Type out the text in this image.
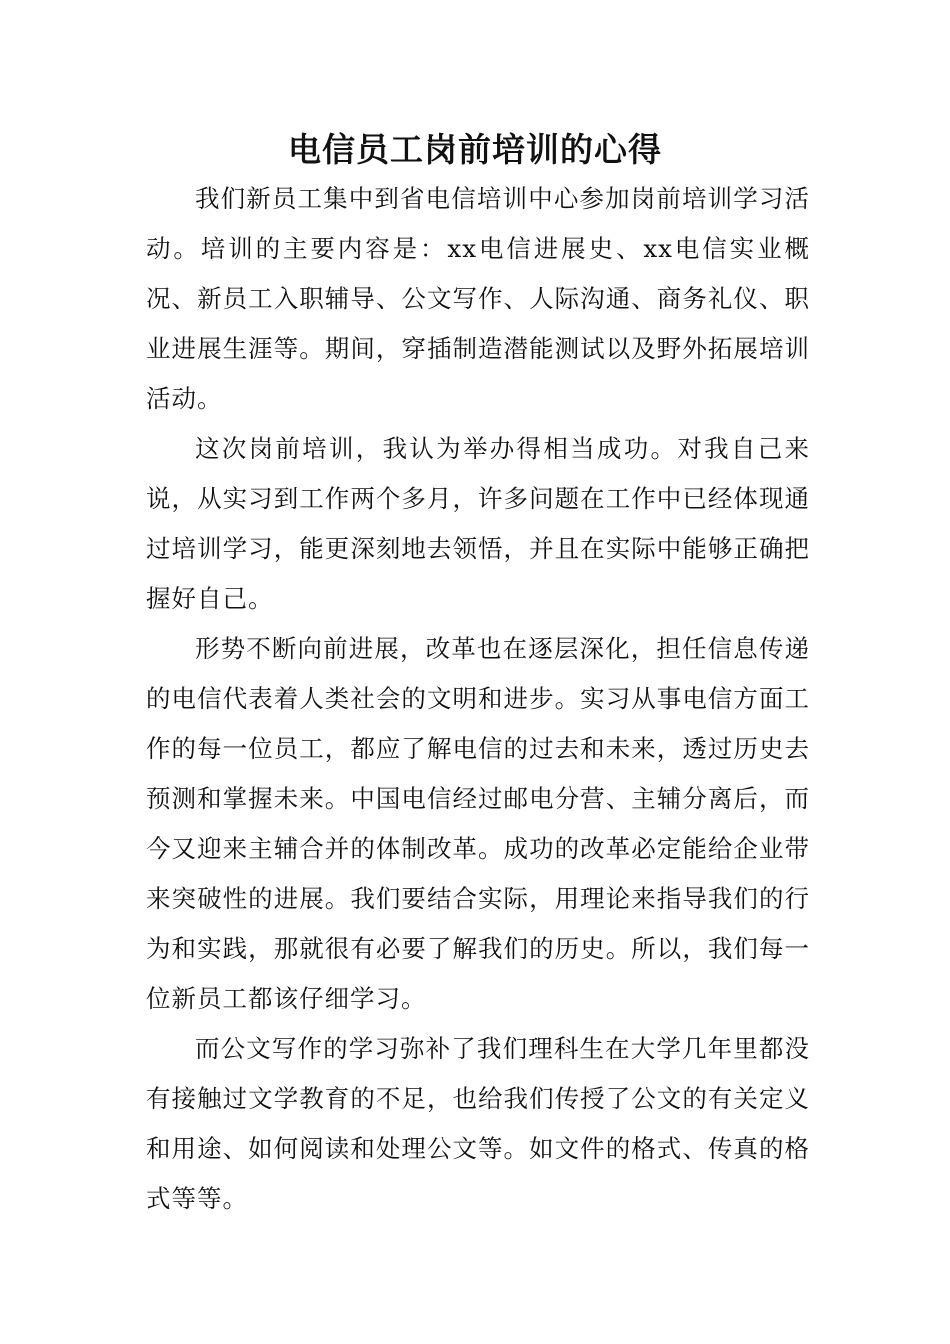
电信员工岗前培训的心得

我们新员工集中到省电信培训中心参加岗前培训学习活动。培训的主要内容是：xx电信进展史、xx电信实业概况、新员工入职辅导、公文写作、人际沟通、商务礼仪、职业进展生涯等。期间，穿插制造潜能测试以及野外拓展培训活动。

这次岗前培训，我认为举办得相当成功。对我自己来说，从实习到工作两个多月，许多问题在工作中已经体现通过培训学习，能更深刻地去领悟，并且在实际中能够正确把握好自己。

形势不断向前进展，改革也在逐层深化，担任信息传递的电信代表着人类社会的文明和进步。实习从事电信方面工作的每一位员工，都应了解电信的过去和未来，透过历史去预测和掌握未来。中国电信经过邮电分营、主辅分离后，而今又迎来主辅合并的体制改革。成功的改革必定能给企业带来突破性的进展。我们要结合实际，用理论来指导我们的行为和实践，那就很有必要了解我们的历史。所以，我们每一位新员工都该仔细学习。

而公文写作的学习弥补了我们理科生在大学几年里都没有接触过文学教育的不足，也给我们传授了公文的有关定义和用途、如何阅读和处理公文等。如文件的格式、传真的格式等等。
